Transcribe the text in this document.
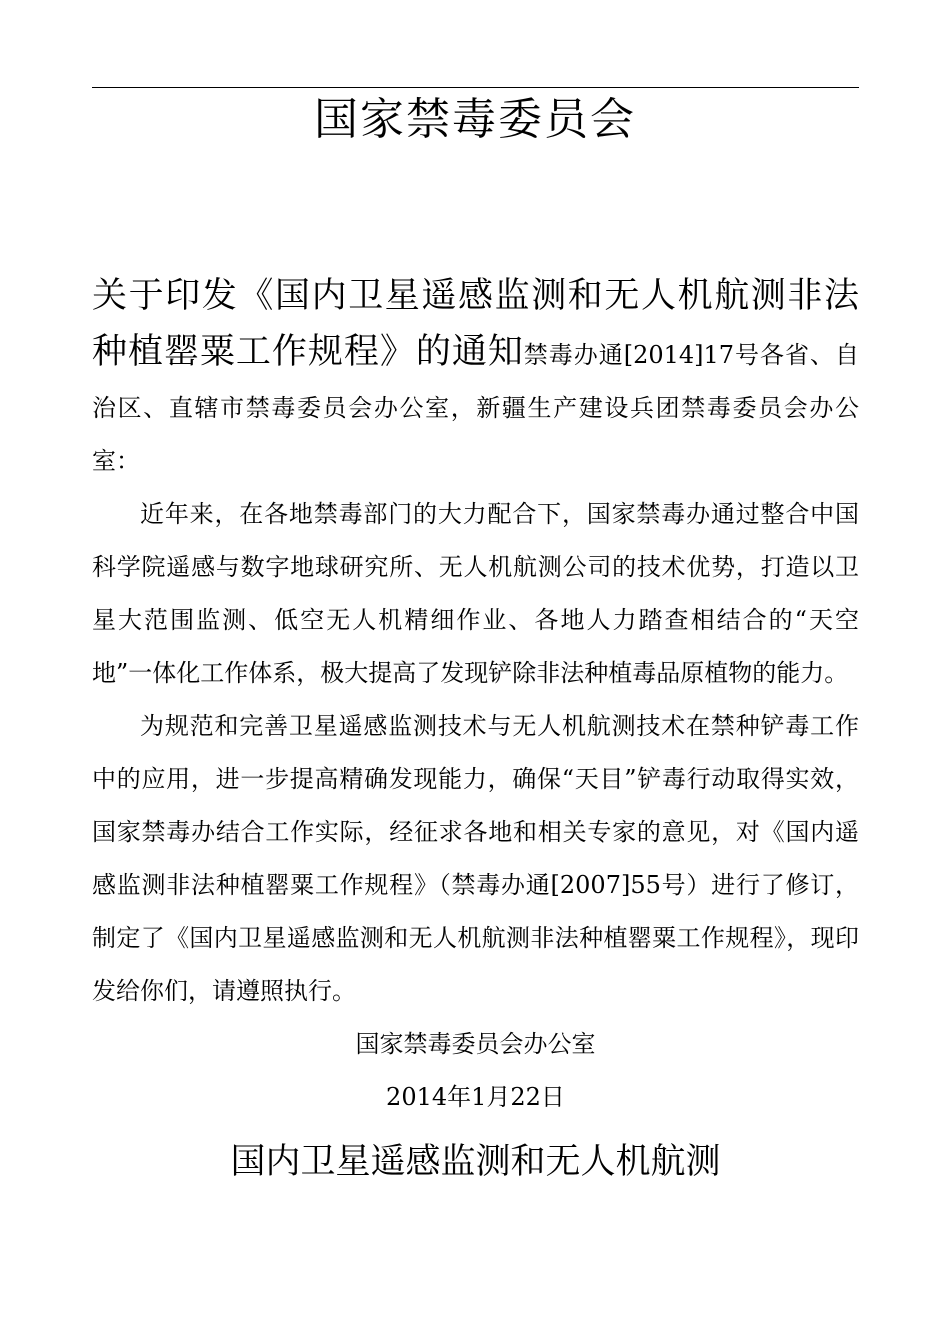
国家禁毒委员会

关于印发《国内卫星遥感监测和无人机航测非法种植罂粟工作规程》的通知禁毒办通[2014]17号各省、自治区、直辖市禁毒委员会办公室，新疆生产建设兵团禁毒委员会办公室：

近年来，在各地禁毒部门的大力配合下，国家禁毒办通过整合中国科学院遥感与数字地球研究所、无人机航测公司的技术优势，打造以卫星大范围监测、低空无人机精细作业、各地人力踏查相结合的“天空地”一体化工作体系，极大提高了发现铲除非法种植毒品原植物的能力。

为规范和完善卫星遥感监测技术与无人机航测技术在禁种铲毒工作中的应用，进一步提高精确发现能力，确保“天目”铲毒行动取得实效，国家禁毒办结合工作实际，经征求各地和相关专家的意见，对《国内遥感监测非法种植罂粟工作规程》（禁毒办通[2007]55号）进行了修订，制定了《国内卫星遥感监测和无人机航测非法种植罂粟工作规程》，现印发给你们，请遵照执行。

国家禁毒委员会办公室

2014年1月22日

国内卫星遥感监测和无人机航测
